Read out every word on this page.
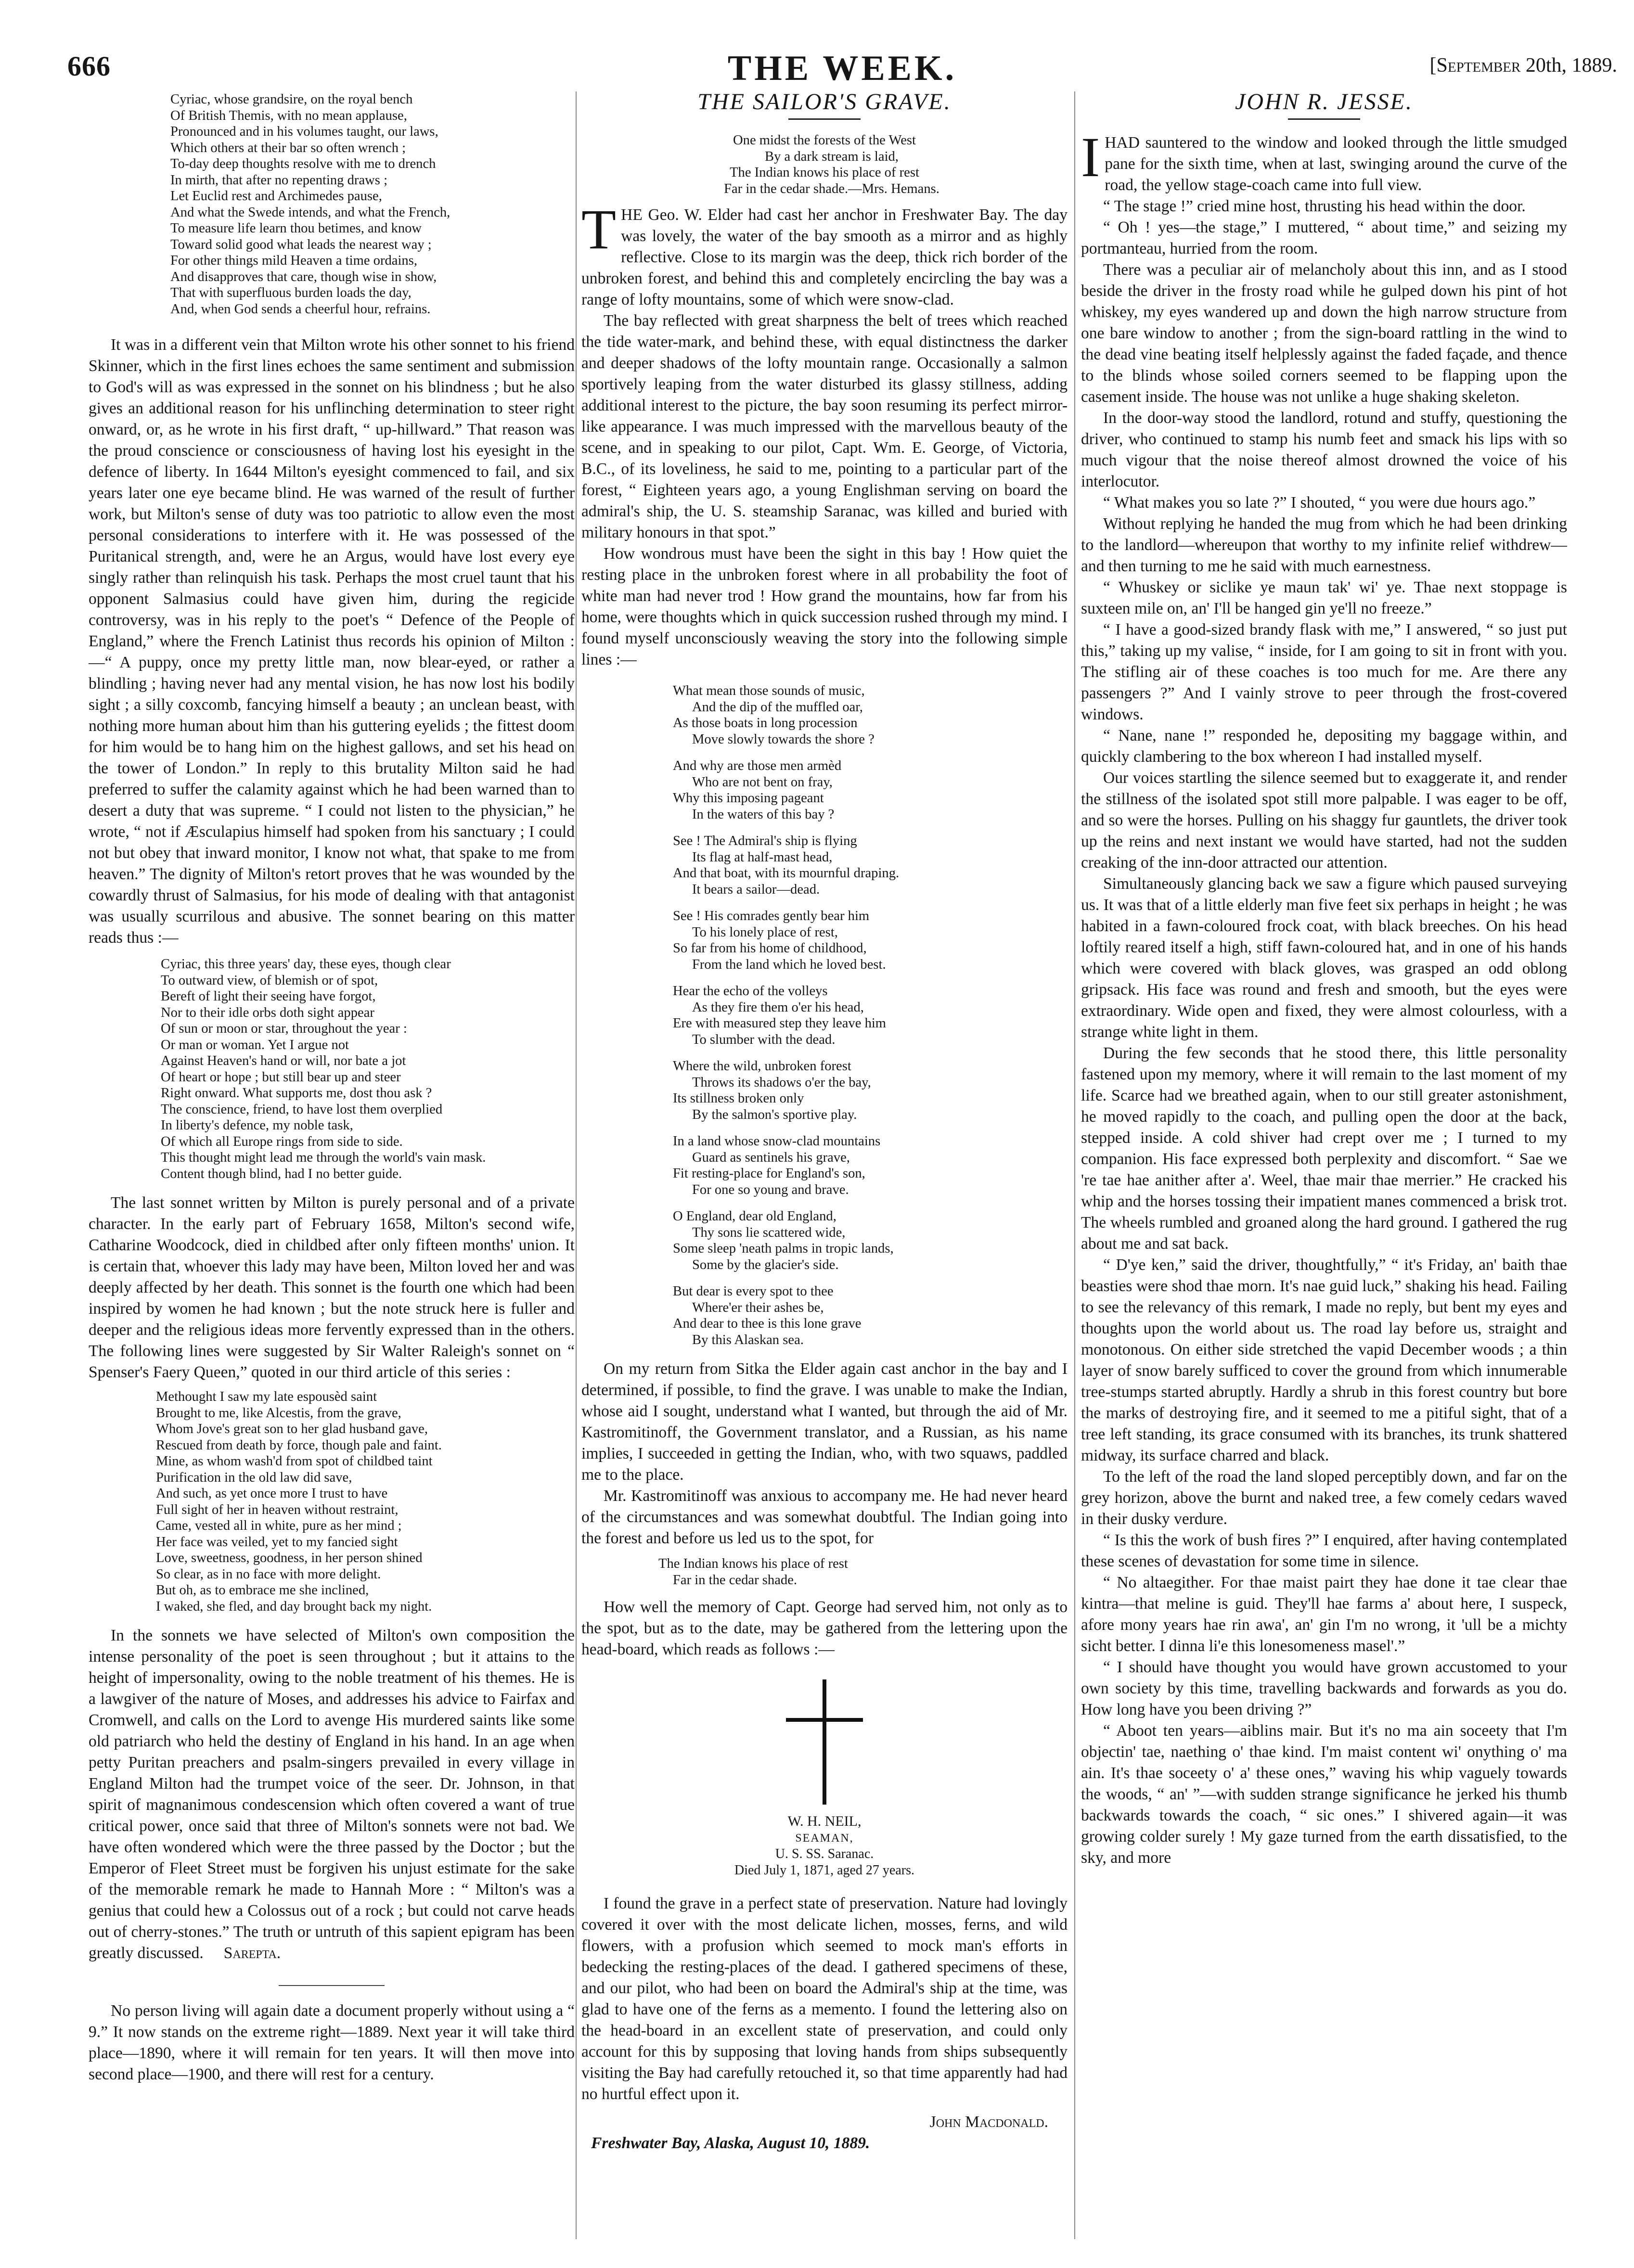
666	THE WEEK.	[September 20th, 1889.
Cyriac, whose grandsire, on the royal bench
Of British Themis, with no mean applause,
Pronounced and in his volumes taught, our laws,
Which others at their bar so often wrench ;
To-day deep thoughts resolve with me to drench
In mirth, that after no repenting draws ;
Let Euclid rest and Archimedes pause,
And what the Swede intends, and what the French,
To measure life learn thou betimes, and know
Toward solid good what leads the nearest way ;
For other things mild Heaven a time ordains,
And disapproves that care, though wise in show,
That with superfluous burden loads the day,
And, when God sends a cheerful hour, refrains.

It was in a different vein that Milton wrote his other sonnet to his friend Skinner, which in the first lines echoes the same sentiment and submission to God's will as was expressed in the sonnet on his blindness ; but he also gives an additional reason for his unflinching determination to steer right onward, or, as he wrote in his first draft, “ up-hillward.” That reason was the proud conscience or consciousness of having lost his eyesight in the defence of liberty. In 1644 Milton's eyesight commenced to fail, and six years later one eye became blind. He was warned of the result of further work, but Milton's sense of duty was too patriotic to allow even the most personal considerations to interfere with it. He was possessed of the Puritanical strength, and, were he an Argus, would have lost every eye singly rather than relinquish his task. Perhaps the most cruel taunt that his opponent Salmasius could have given him, during the regicide controversy, was in his reply to the poet's “ Defence of the People of England,” where the French Latinist thus records his opinion of Milton :—“ A puppy, once my pretty little man, now blear-eyed, or rather a blindling ; having never had any mental vision, he has now lost his bodily sight ; a silly coxcomb, fancying himself a beauty ; an unclean beast, with nothing more human about him than his guttering eyelids ; the fittest doom for him would be to hang him on the highest gallows, and set his head on the tower of London.” In reply to this brutality Milton said he had preferred to suffer the calamity against which he had been warned than to desert a duty that was supreme. “ I could not listen to the physician,” he wrote, “ not if Æsculapius himself had spoken from his sanctuary ; I could not but obey that inward monitor, I know not what, that spake to me from heaven.” The dignity of Milton's retort proves that he was wounded by the cowardly thrust of Salmasius, for his mode of dealing with that antagonist was usually scurrilous and abusive. The sonnet bearing on this matter reads thus :—

Cyriac, this three years' day, these eyes, though clear
To outward view, of blemish or of spot,
Bereft of light their seeing have forgot,
Nor to their idle orbs doth sight appear
Of sun or moon or star, throughout the year :
Or man or woman. Yet I argue not
Against Heaven's hand or will, nor bate a jot
Of heart or hope ; but still bear up and steer
Right onward. What supports me, dost thou ask ?
The conscience, friend, to have lost them overplied
In liberty's defence, my noble task,
Of which all Europe rings from side to side.
This thought might lead me through the world's vain mask.
Content though blind, had I no better guide.

The last sonnet written by Milton is purely personal and of a private character. In the early part of February 1658, Milton's second wife, Catharine Woodcock, died in childbed after only fifteen months' union. It is certain that, whoever this lady may have been, Milton loved her and was deeply affected by her death. This sonnet is the fourth one which had been inspired by women he had known ; but the note struck here is fuller and deeper and the religious ideas more fervently expressed than in the others. The following lines were suggested by Sir Walter Raleigh's sonnet on “ Spenser's Faery Queen,” quoted in our third article of this series :

Methought I saw my late espousèd saint
Brought to me, like Alcestis, from the grave,
Whom Jove's great son to her glad husband gave,
Rescued from death by force, though pale and faint.
Mine, as whom wash'd from spot of childbed taint
Purification in the old law did save,
And such, as yet once more I trust to have
Full sight of her in heaven without restraint,
Came, vested all in white, pure as her mind ;
Her face was veiled, yet to my fancied sight
Love, sweetness, goodness, in her person shined
So clear, as in no face with more delight.
But oh, as to embrace me she inclined,
I waked, she fled, and day brought back my night.

In the sonnets we have selected of Milton's own composition the intense personality of the poet is seen throughout ; but it attains to the height of impersonality, owing to the noble treatment of his themes. He is a lawgiver of the nature of Moses, and addresses his advice to Fairfax and Cromwell, and calls on the Lord to avenge His murdered saints like some old patriarch who held the destiny of England in his hand. In an age when petty Puritan preachers and psalm-singers prevailed in every village in England Milton had the trumpet voice of the seer. Dr. Johnson, in that spirit of magnanimous condescension which often covered a want of true critical power, once said that three of Milton's sonnets were not bad. We have often wondered which were the three passed by the Doctor ; but the Emperor of Fleet Street must be forgiven his unjust estimate for the sake of the memorable remark he made to Hannah More : “ Milton's was a genius that could hew a Colossus out of a rock ; but could not carve heads out of cherry-stones.” The truth or untruth of this sapient epigram has been greatly discussed. Sarepta.

No person living will again date a document properly without using a “ 9.” It now stands on the extreme right—1889. Next year it will take third place—1890, where it will remain for ten years. It will then move into second place—1900, and there will rest for a century.

THE SAILOR'S GRAVE.
One midst the forests of the West
By a dark stream is laid,
The Indian knows his place of rest
Far in the cedar shade.—Mrs. Hemans.

THE Geo. W. Elder had cast her anchor in Freshwater Bay. The day was lovely, the water of the bay smooth as a mirror and as highly reflective. Close to its margin was the deep, thick rich border of the unbroken forest, and behind this and completely encircling the bay was a range of lofty mountains, some of which were snow-clad.

The bay reflected with great sharpness the belt of trees which reached the tide water-mark, and behind these, with equal distinctness the darker and deeper shadows of the lofty mountain range. Occasionally a salmon sportively leaping from the water disturbed its glassy stillness, adding additional interest to the picture, the bay soon resuming its perfect mirror-like appearance. I was much impressed with the marvellous beauty of the scene, and in speaking to our pilot, Capt. Wm. E. George, of Victoria, B.C., of its loveliness, he said to me, pointing to a particular part of the forest, “ Eighteen years ago, a young Englishman serving on board the admiral's ship, the U. S. steamship Saranac, was killed and buried with military honours in that spot.”

How wondrous must have been the sight in this bay ! How quiet the resting place in the unbroken forest where in all probability the foot of white man had never trod ! How grand the mountains, how far from his home, were thoughts which in quick succession rushed through my mind. I found myself unconsciously weaving the story into the following simple lines :—

What mean those sounds of music,
And the dip of the muffled oar,
As those boats in long procession
Move slowly towards the shore ?
And why are those men armèd
Who are not bent on fray,
Why this imposing pageant
In the waters of this bay ?
See ! The Admiral's ship is flying
Its flag at half-mast head,
And that boat, with its mournful draping.
It bears a sailor—dead.
See ! His comrades gently bear him
To his lonely place of rest,
So far from his home of childhood,
From the land which he loved best.
Hear the echo of the volleys
As they fire them o'er his head,
Ere with measured step they leave him
To slumber with the dead.
Where the wild, unbroken forest
Throws its shadows o'er the bay,
Its stillness broken only
By the salmon's sportive play.
In a land whose snow-clad mountains
Guard as sentinels his grave,
Fit resting-place for England's son,
For one so young and brave.
O England, dear old England,
Thy sons lie scattered wide,
Some sleep 'neath palms in tropic lands,
Some by the glacier's side.
But dear is every spot to thee
Where'er their ashes be,
And dear to thee is this lone grave
By this Alaskan sea.

On my return from Sitka the Elder again cast anchor in the bay and I determined, if possible, to find the grave. I was unable to make the Indian, whose aid I sought, understand what I wanted, but through the aid of Mr. Kastromitinoff, the Government translator, and a Russian, as his name implies, I succeeded in getting the Indian, who, with two squaws, paddled me to the place.

Mr. Kastromitinoff was anxious to accompany me. He had never heard of the circumstances and was somewhat doubtful. The Indian going into the forest and before us led us to the spot, for

The Indian knows his place of rest
Far in the cedar shade.

How well the memory of Capt. George had served him, not only as to the spot, but as to the date, may be gathered from the lettering upon the head-board, which reads as follows :—

W. H. NEIL,

SEAMAN,

U. S. SS. Saranac.

Died July 1, 1871, aged 27 years.

I found the grave in a perfect state of preservation. Nature had lovingly covered it over with the most delicate lichen, mosses, ferns, and wild flowers, with a profusion which seemed to mock man's efforts in bedecking the resting-places of the dead. I gathered specimens of these, and our pilot, who had been on board the Admiral's ship at the time, was glad to have one of the ferns as a memento. I found the lettering also on the head-board in an excellent state of preservation, and could only account for this by supposing that loving hands from ships subsequently visiting the Bay had carefully retouched it, so that time apparently had had no hurtful effect upon it.

John Macdonald.

Freshwater Bay, Alaska, August 10, 1889.

JOHN R. JESSE.

IHAD sauntered to the window and looked through the little smudged pane for the sixth time, when at last, swinging around the curve of the road, the yellow stage-coach came into full view.

“ The stage !” cried mine host, thrusting his head within the door.

“ Oh ! yes—the stage,” I muttered, “ about time,” and seizing my portmanteau, hurried from the room.

There was a peculiar air of melancholy about this inn, and as I stood beside the driver in the frosty road while he gulped down his pint of hot whiskey, my eyes wandered up and down the high narrow structure from one bare window to another ; from the sign-board rattling in the wind to the dead vine beating itself helplessly against the faded façade, and thence to the blinds whose soiled corners seemed to be flapping upon the casement inside. The house was not unlike a huge shaking skeleton.

In the door-way stood the landlord, rotund and stuffy, questioning the driver, who continued to stamp his numb feet and smack his lips with so much vigour that the noise thereof almost drowned the voice of his interlocutor.

“ What makes you so late ?” I shouted, “ you were due hours ago.”

Without replying he handed the mug from which he had been drinking to the landlord—whereupon that worthy to my infinite relief withdrew—and then turning to me he said with much earnestness.

“ Whuskey or siclike ye maun tak' wi' ye. Thae next stoppage is suxteen mile on, an' I'll be hanged gin ye'll no freeze.”

“ I have a good-sized brandy flask with me,” I answered, “ so just put this,” taking up my valise, “ inside, for I am going to sit in front with you. The stifling air of these coaches is too much for me. Are there any passengers ?” And I vainly strove to peer through the frost-covered windows.

“ Nane, nane !” responded he, depositing my baggage within, and quickly clambering to the box whereon I had installed myself.

Our voices startling the silence seemed but to exaggerate it, and render the stillness of the isolated spot still more palpable. I was eager to be off, and so were the horses. Pulling on his shaggy fur gauntlets, the driver took up the reins and next instant we would have started, had not the sudden creaking of the inn-door attracted our attention.

Simultaneously glancing back we saw a figure which paused surveying us. It was that of a little elderly man five feet six perhaps in height ; he was habited in a fawn-coloured frock coat, with black breeches. On his head loftily reared itself a high, stiff fawn-coloured hat, and in one of his hands which were covered with black gloves, was grasped an odd oblong gripsack. His face was round and fresh and smooth, but the eyes were extraordinary. Wide open and fixed, they were almost colourless, with a strange white light in them.

During the few seconds that he stood there, this little personality fastened upon my memory, where it will remain to the last moment of my life. Scarce had we breathed again, when to our still greater astonishment, he moved rapidly to the coach, and pulling open the door at the back, stepped inside. A cold shiver had crept over me ; I turned to my companion. His face expressed both perplexity and discomfort. “ Sae we 're tae hae anither after a'. Weel, thae mair thae merrier.” He cracked his whip and the horses tossing their impatient manes commenced a brisk trot. The wheels rumbled and groaned along the hard ground. I gathered the rug about me and sat back.

“ D'ye ken,” said the driver, thoughtfully,” “ it's Friday, an' baith thae beasties were shod thae morn. It's nae guid luck,” shaking his head. Failing to see the relevancy of this remark, I made no reply, but bent my eyes and thoughts upon the world about us. The road lay before us, straight and monotonous. On either side stretched the vapid December woods ; a thin layer of snow barely sufficed to cover the ground from which innumerable tree-stumps started abruptly. Hardly a shrub in this forest country but bore the marks of destroying fire, and it seemed to me a pitiful sight, that of a tree left standing, its grace consumed with its branches, its trunk shattered midway, its surface charred and black.

To the left of the road the land sloped perceptibly down, and far on the grey horizon, above the burnt and naked tree, a few comely cedars waved in their dusky verdure.

“ Is this the work of bush fires ?” I enquired, after having contemplated these scenes of devastation for some time in silence.

“ No altaegither. For thae maist pairt they hae done it tae clear thae kintra—that meline is guid. They'll hae farms a' about here, I suspeck, afore mony years hae rin awa', an' gin I'm no wrong, it 'ull be a michty sicht better. I dinna li'e this lonesomeness masel'.”

“ I should have thought you would have grown accustomed to your own society by this time, travelling backwards and forwards as you do. How long have you been driving ?”

“ Aboot ten years—aiblins mair. But it's no ma ain soceety that I'm objectin' tae, naething o' thae kind. I'm maist content wi' onything o' ma ain. It's thae soceety o' a' these ones,” waving his whip vaguely towards the woods, “ an' ”—with sudden strange significance he jerked his thumb backwards towards the coach, “ sic ones.” I shivered again—it was growing colder surely ! My gaze turned from the earth dissatisfied, to the sky, and more
